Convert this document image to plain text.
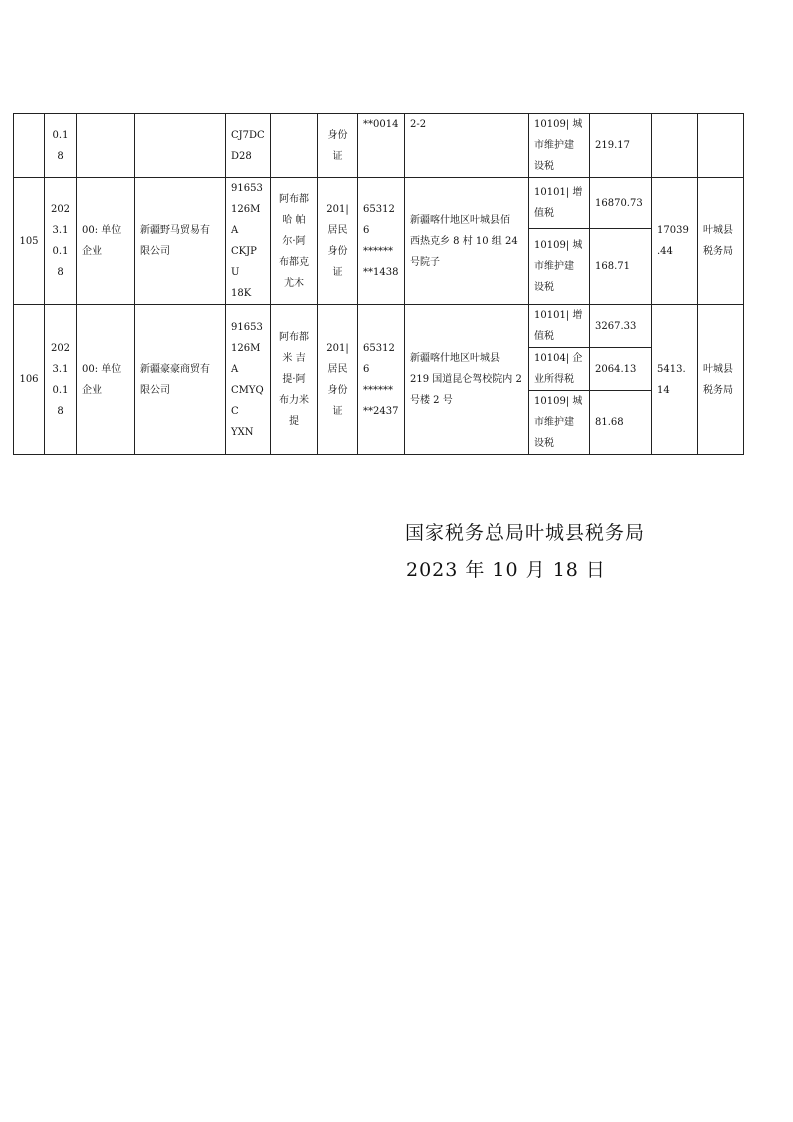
	0.1
8			CJ7DC
D28		身份
证	**0014	2-2	10109| 城
市维护建
设税	219.17		
105	202
3.1
0.1
8	00: 单位
企业	新疆野马贸易有
限公司	91653
126MA
CKJPU
18K	阿布都
哈 帕
尔·阿
布都克
尤木	201|
居民
身份
证	653126
******
**1438	新疆喀什地区叶城县佰
西热克乡 8 村 10 组 24
号院子	10101| 增
值税	16870.73	17039
.44	叶城县
税务局
									10109| 城
市维护建
设税	168.71		
106	202
3.1
0.1
8	00: 单位
企业	新疆豪豪商贸有
限公司	91653
126MA
CMYQC
YXN	阿布都
米 吉
提·阿
布力米
提	201|
居民
身份
证	653126
******
**2437	新疆喀什地区叶城县
219 国道昆仑驾校院内 2
号楼 2 号	10101| 增
值税	3267.33	5413.
14	叶城县
税务局
									10104| 企
业所得税	2064.13		
									10109| 城
市维护建
设税	81.68		
国家税务总局叶城县税务局
2023 年 10 月 18 日
